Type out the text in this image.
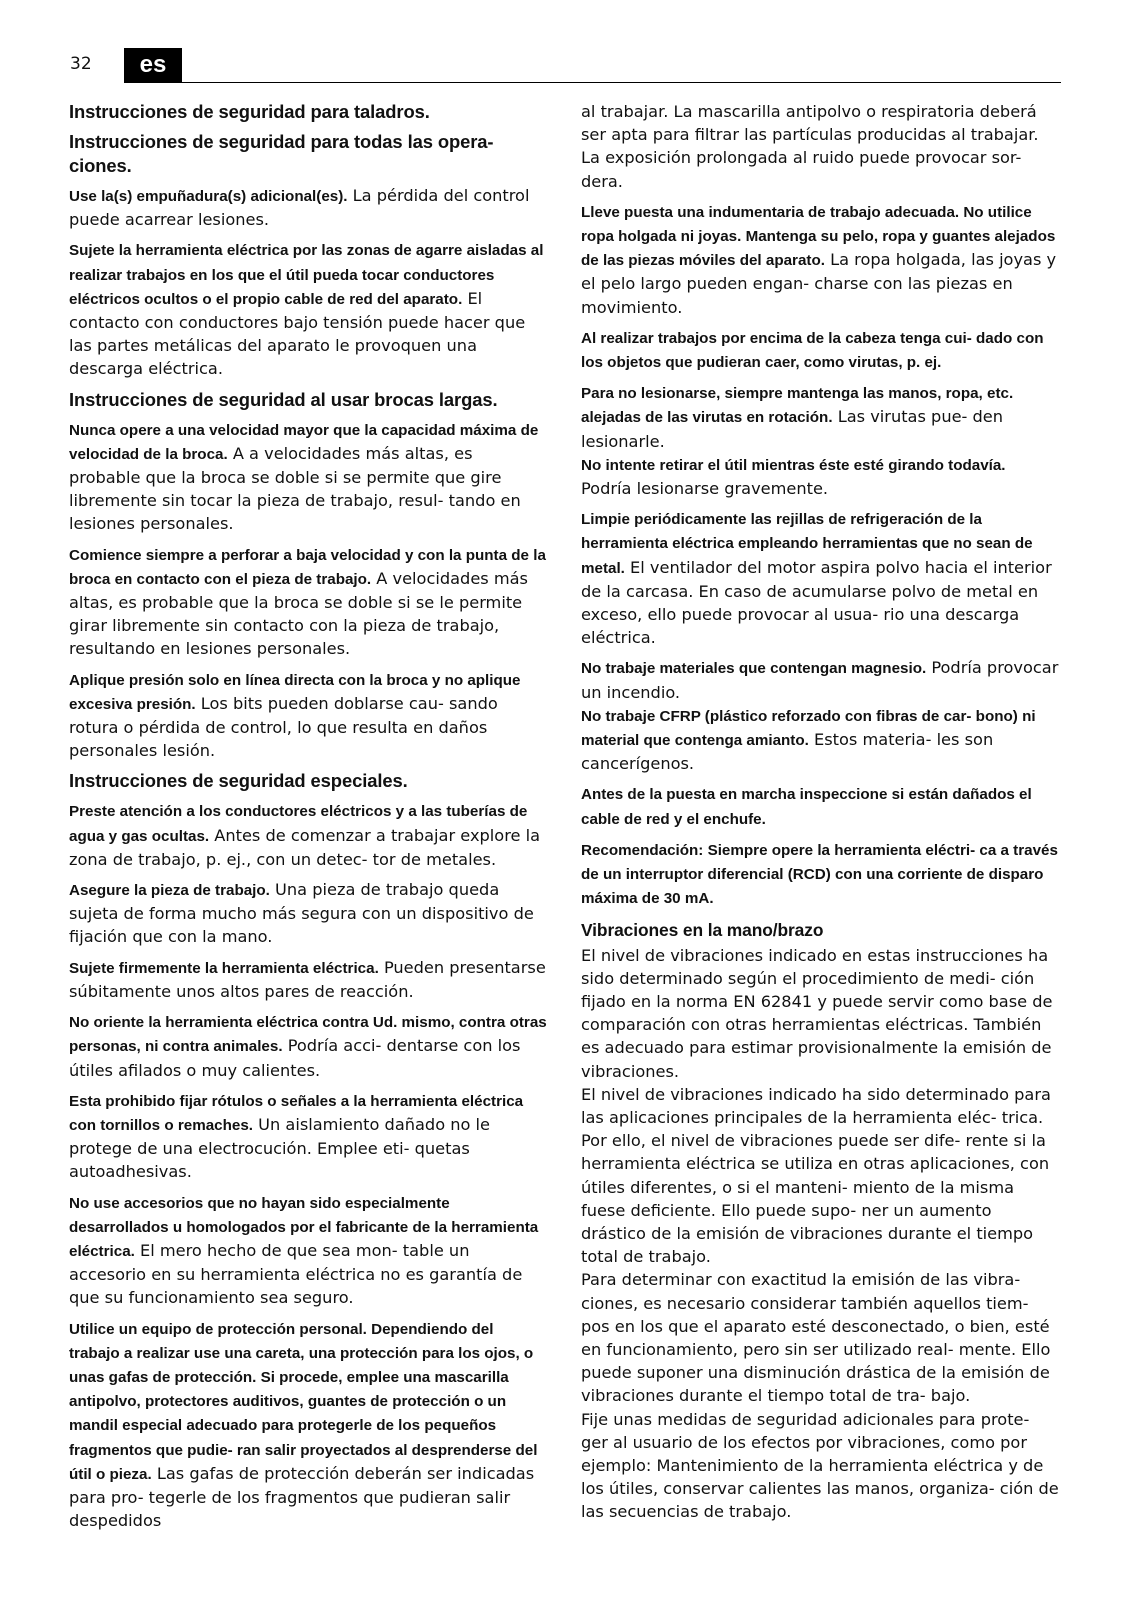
32	es
Instrucciones de seguridad para taladros.
Instrucciones de seguridad para todas las opera- ciones.

Use la(s) empuñadura(s) adicional(es). La pérdida del control puede acarrear lesiones.

Sujete la herramienta eléctrica por las zonas de agarre aisladas al realizar trabajos en los que el útil pueda tocar conductores eléctricos ocultos o el propio cable de red del aparato. El contacto con conductores bajo tensión puede hacer que las partes metálicas del aparato le provoquen una descarga eléctrica.

Instrucciones de seguridad al usar brocas largas.

Nunca opere a una velocidad mayor que la capacidad máxima de velocidad de la broca. A a velocidades más altas, es probable que la broca se doble si se permite que gire libremente sin tocar la pieza de trabajo, resul- tando en lesiones personales.

Comience siempre a perforar a baja velocidad y con la punta de la broca en contacto con el pieza de trabajo. A velocidades más altas, es probable que la broca se doble si se le permite girar libremente sin contacto con la pieza de trabajo, resultando en lesiones personales.

Aplique presión solo en línea directa con la broca y no aplique excesiva presión. Los bits pueden doblarse cau- sando rotura o pérdida de control, lo que resulta en daños personales lesión.

Instrucciones de seguridad especiales.

Preste atención a los conductores eléctricos y a las tuberías de agua y gas ocultas. Antes de comenzar a trabajar explore la zona de trabajo, p. ej., con un detec- tor de metales.

Asegure la pieza de trabajo. Una pieza de trabajo queda sujeta de forma mucho más segura con un dispositivo de fijación que con la mano.

Sujete firmemente la herramienta eléctrica. Pueden presentarse súbitamente unos altos pares de reacción.

No oriente la herramienta eléctrica contra Ud. mismo, contra otras personas, ni contra animales. Podría acci- dentarse con los útiles afilados o muy calientes.

Esta prohibido fijar rótulos o señales a la herramienta eléctrica con tornillos o remaches. Un aislamiento dañado no le protege de una electrocución. Emplee eti- quetas autoadhesivas.

No use accesorios que no hayan sido especialmente desarrollados u homologados por el fabricante de la herramienta eléctrica. El mero hecho de que sea mon- table un accesorio en su herramienta eléctrica no es garantía de que su funcionamiento sea seguro.

Utilice un equipo de protección personal. Dependiendo del trabajo a realizar use una careta, una protección para los ojos, o unas gafas de protección. Si procede, emplee una mascarilla antipolvo, protectores auditivos, guantes de protección o un mandil especial adecuado para protegerle de los pequeños fragmentos que pudie- ran salir proyectados al desprenderse del útil o pieza. Las gafas de protección deberán ser indicadas para pro- tegerle de los fragmentos que pudieran salir despedidos

al trabajar. La mascarilla antipolvo o respiratoria deberá ser apta para filtrar las partículas producidas al trabajar. La exposición prolongada al ruido puede provocar sor- dera.

Lleve puesta una indumentaria de trabajo adecuada. No utilice ropa holgada ni joyas. Mantenga su pelo, ropa y guantes alejados de las piezas móviles del aparato. La ropa holgada, las joyas y el pelo largo pueden engan- charse con las piezas en movimiento.

Al realizar trabajos por encima de la cabeza tenga cui- dado con los objetos que pudieran caer, como virutas, p. ej.

Para no lesionarse, siempre mantenga las manos, ropa, etc. alejadas de las virutas en rotación. Las virutas pue- den lesionarle.

No intente retirar el útil mientras éste esté girando todavía. Podría lesionarse gravemente.

Limpie periódicamente las rejillas de refrigeración de la herramienta eléctrica empleando herramientas que no sean de metal. El ventilador del motor aspira polvo hacia el interior de la carcasa. En caso de acumularse polvo de metal en exceso, ello puede provocar al usua- rio una descarga eléctrica.

No trabaje materiales que contengan magnesio. Podría provocar un incendio.

No trabaje CFRP (plástico reforzado con fibras de car- bono) ni material que contenga amianto. Estos materia- les son cancerígenos.

Antes de la puesta en marcha inspeccione si están dañados el cable de red y el enchufe.

Recomendación: Siempre opere la herramienta eléctri- ca a través de un interruptor diferencial (RCD) con una corriente de disparo máxima de 30 mA.

Vibraciones en la mano/brazo

El nivel de vibraciones indicado en estas instrucciones ha sido determinado según el procedimiento de medi- ción fijado en la norma EN 62841 y puede servir como base de comparación con otras herramientas eléctricas. También es adecuado para estimar provisionalmente la emisión de vibraciones.

El nivel de vibraciones indicado ha sido determinado para las aplicaciones principales de la herramienta eléc- trica. Por ello, el nivel de vibraciones puede ser dife- rente si la herramienta eléctrica se utiliza en otras aplicaciones, con útiles diferentes, o si el manteni- miento de la misma fuese deficiente. Ello puede supo- ner un aumento drástico de la emisión de vibraciones durante el tiempo total de trabajo.

Para determinar con exactitud la emisión de las vibra- ciones, es necesario considerar también aquellos tiem- pos en los que el aparato esté desconectado, o bien, esté en funcionamiento, pero sin ser utilizado real- mente. Ello puede suponer una disminución drástica de la emisión de vibraciones durante el tiempo total de tra- bajo.

Fije unas medidas de seguridad adicionales para prote- ger al usuario de los efectos por vibraciones, como por ejemplo: Mantenimiento de la herramienta eléctrica y de los útiles, conservar calientes las manos, organiza- ción de las secuencias de trabajo.
